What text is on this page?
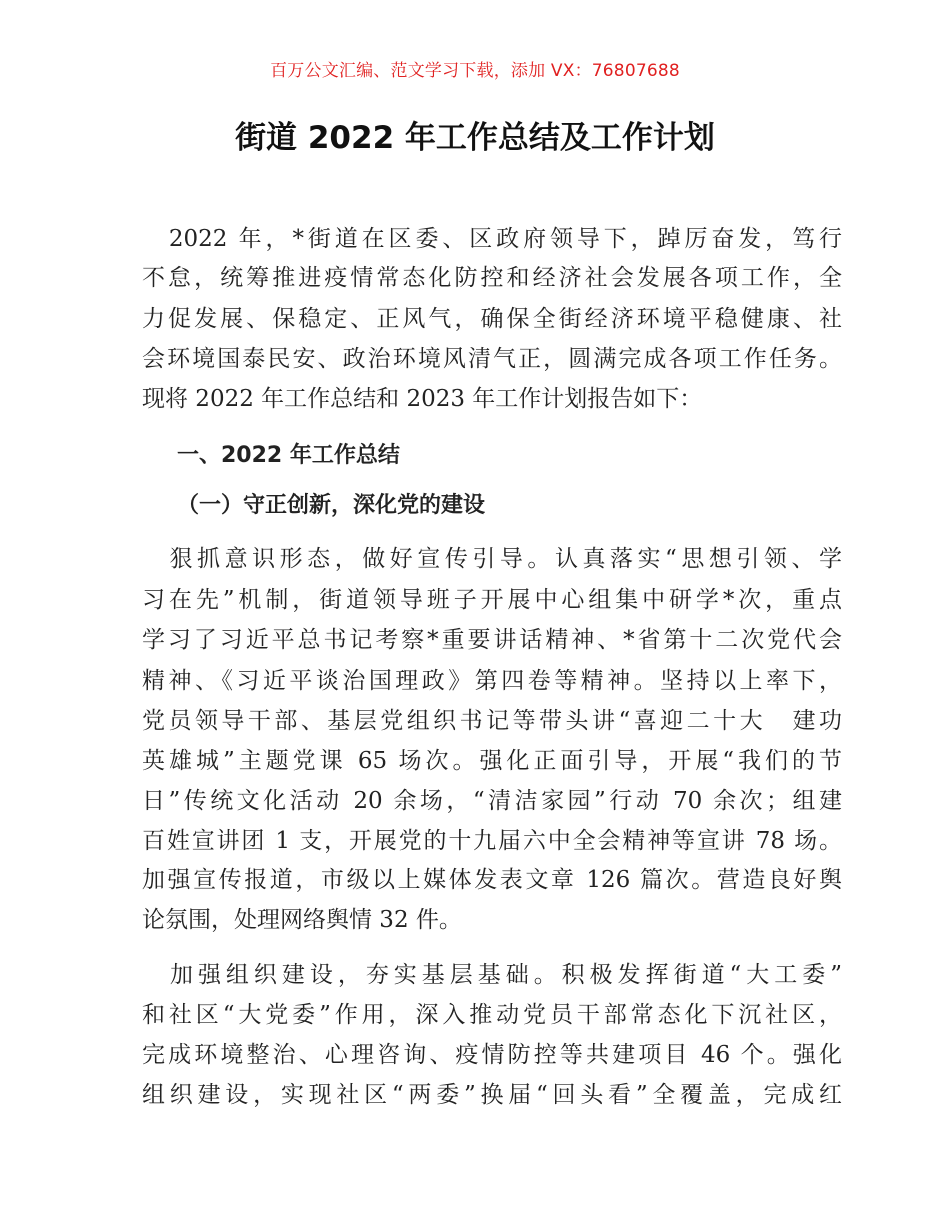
百万公文汇编、范文学习下载，添加 VX：76807688
街道 2022 年工作总结及工作计划
　2022 年，*街道在区委、区政府领导下，踔厉奋发，笃行
不怠，统筹推进疫情常态化防控和经济社会发展各项工作，全
力促发展、保稳定、正风气，确保全街经济环境平稳健康、社
会环境国泰民安、政治环境风清气正，圆满完成各项工作任务。
现将 2022 年工作总结和 2023 年工作计划报告如下：
一、2022 年工作总结
（一）守正创新，深化党的建设
　狠抓意识形态，做好宣传引导。认真落实“思想引领、学
习在先”机制，街道领导班子开展中心组集中研学*次，重点
学习了习近平总书记考察*重要讲话精神、*省第十二次党代会
精神、《习近平谈治国理政》第四卷等精神。坚持以上率下，
党员领导干部、基层党组织书记等带头讲“喜迎二十大　建功
英雄城”主题党课 65 场次。强化正面引导，开展“我们的节
日”传统文化活动 20 余场，“清洁家园”行动 70 余次；组建
百姓宣讲团 1 支，开展党的十九届六中全会精神等宣讲 78 场。
加强宣传报道，市级以上媒体发表文章 126 篇次。营造良好舆
论氛围，处理网络舆情 32 件。
　加强组织建设，夯实基层基础。积极发挥街道“大工委”
和社区“大党委”作用，深入推动党员干部常态化下沉社区，
完成环境整治、心理咨询、疫情防控等共建项目 46 个。强化
组织建设，实现社区“两委”换届“回头看”全覆盖，完成红
